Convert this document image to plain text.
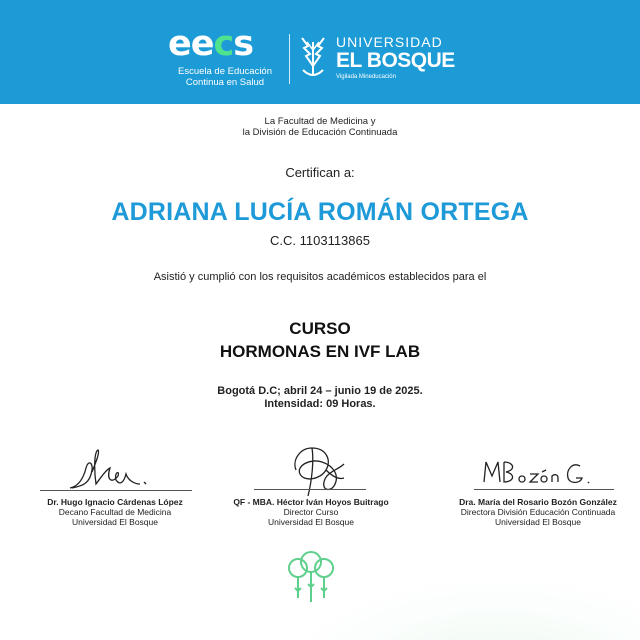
eecs
Escuela de Educación
Continua en Salud
UNIVERSIDAD
EL BOSQUE
Vigilada Mineducación
La Facultad de Medicina y
la División de Educación Continuada
Certifican a:
ADRIANA LUCÍA ROMÁN ORTEGA
C.C. 1103113865
Asistió y cumplió con los requisitos académicos establecidos para el
CURSO
HORMONAS EN IVF LAB
Bogotá D.C; abril 24 – junio 19 de 2025.
Intensidad: 09 Horas.
Dr. Hugo Ignacio Cárdenas López
Decano Facultad de Medicina
Universidad El Bosque
QF - MBA. Héctor Iván Hoyos Buitrago
Director Curso
Universidad El Bosque
Dra. María del Rosario Bozón González
Directora División Educación Continuada
Universidad El Bosque
